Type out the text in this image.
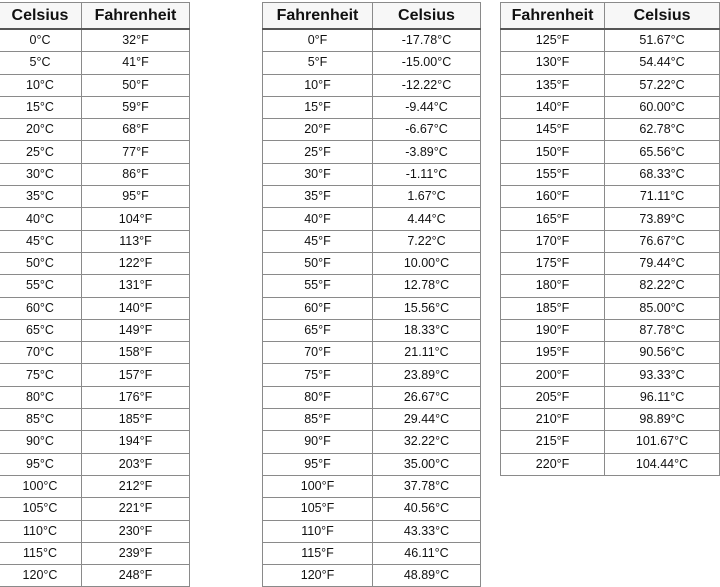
Celsius	Fahrenheit
0°C	32°F
5°C	41°F
10°C	50°F
15°C	59°F
20°C	68°F
25°C	77°F
30°C	86°F
35°C	95°F
40°C	104°F
45°C	113°F
50°C	122°F
55°C	131°F
60°C	140°F
65°C	149°F
70°C	158°F
75°C	157°F
80°C	176°F
85°C	185°F
90°C	194°F
95°C	203°F
100°C	212°F
105°C	221°F
110°C	230°F
115°C	239°F
120°C	248°F
Fahrenheit	Celsius
0°F	-17.78°C
5°F	-15.00°C
10°F	-12.22°C
15°F	-9.44°C
20°F	-6.67°C
25°F	-3.89°C
30°F	-1.11°C
35°F	1.67°C
40°F	4.44°C
45°F	7.22°C
50°F	10.00°C
55°F	12.78°C
60°F	15.56°C
65°F	18.33°C
70°F	21.11°C
75°F	23.89°C
80°F	26.67°C
85°F	29.44°C
90°F	32.22°C
95°F	35.00°C
100°F	37.78°C
105°F	40.56°C
110°F	43.33°C
115°F	46.11°C
120°F	48.89°C
Fahrenheit	Celsius
125°F	51.67°C
130°F	54.44°C
135°F	57.22°C
140°F	60.00°C
145°F	62.78°C
150°F	65.56°C
155°F	68.33°C
160°F	71.11°C
165°F	73.89°C
170°F	76.67°C
175°F	79.44°C
180°F	82.22°C
185°F	85.00°C
190°F	87.78°C
195°F	90.56°C
200°F	93.33°C
205°F	96.11°C
210°F	98.89°C
215°F	101.67°C
220°F	104.44°C
